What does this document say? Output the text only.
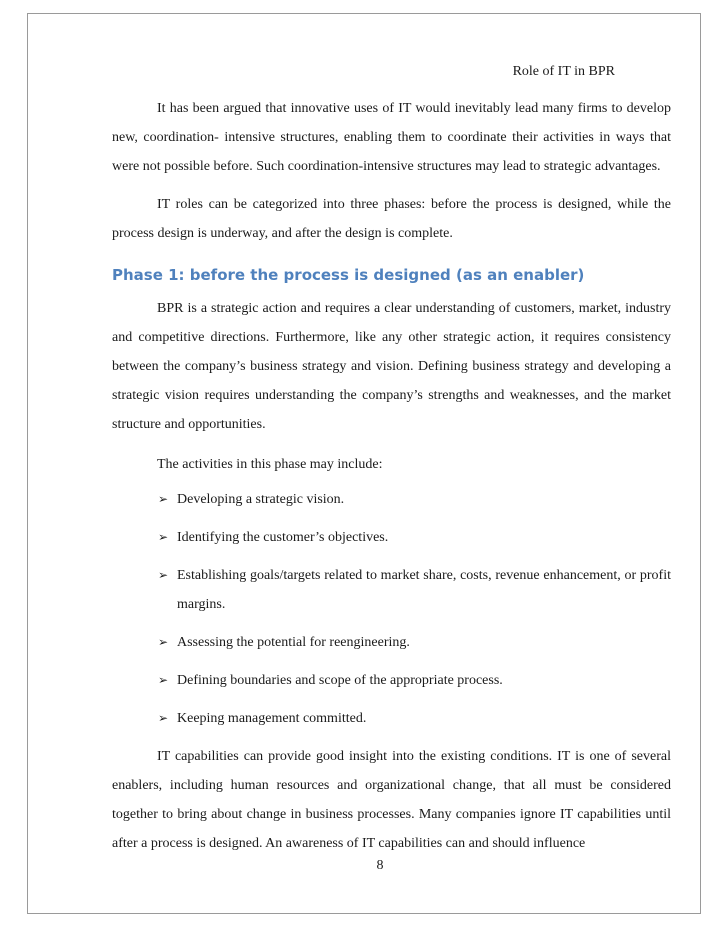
Role of IT in BPR

It has been argued that innovative uses of IT would inevitably lead many firms to develop new, coordination- intensive structures, enabling them to coordinate their activities in ways that were not possible before. Such coordination-intensive structures may lead to strategic advantages.

IT roles can be categorized into three phases: before the process is designed, while the process design is underway, and after the design is complete.

Phase 1: before the process is designed (as an enabler)

BPR is a strategic action and requires a clear understanding of customers, market, industry and competitive directions. Furthermore, like any other strategic action, it requires consistency between the company’s business strategy and vision. Defining business strategy and developing a strategic vision requires understanding the company’s strengths and weaknesses, and the market structure and opportunities.

The activities in this phase may include:

➢ Developing a strategic vision.
➢ Identifying the customer’s objectives.
➢ Establishing goals/targets related to market share, costs, revenue enhancement, or profit margins.
➢ Assessing the potential for reengineering.
➢ Defining boundaries and scope of the appropriate process.
➢ Keeping management committed.

IT capabilities can provide good insight into the existing conditions. IT is one of several enablers, including human resources and organizational change, that all must be considered together to bring about change in business processes. Many companies ignore IT capabilities until after a process is designed. An awareness of IT capabilities can and should influence

8
